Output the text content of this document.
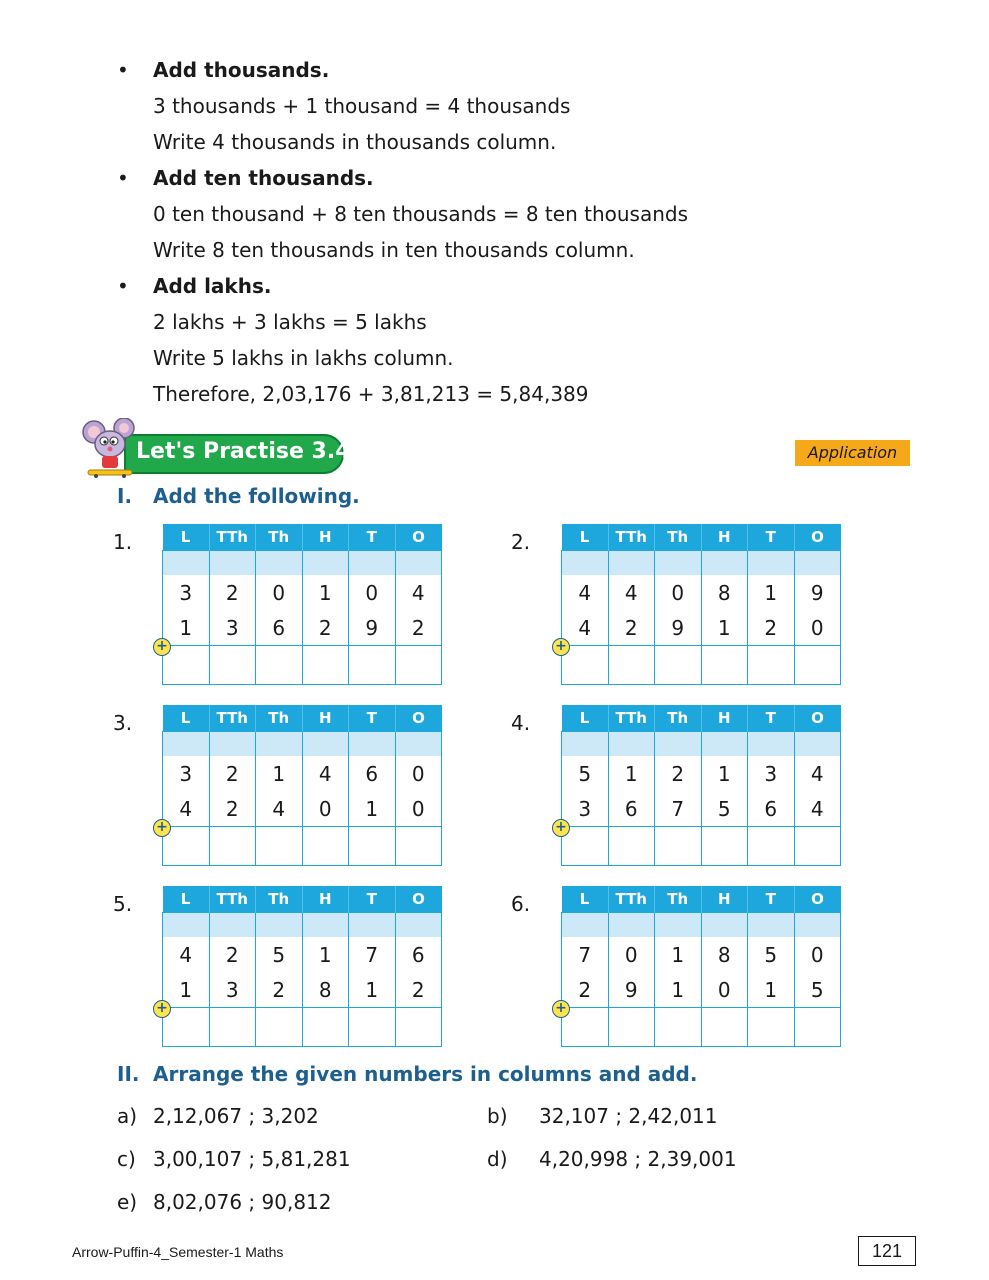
• Add thousands.
3 thousands + 1 thousand = 4 thousands
Write 4 thousands in thousands column.
• Add ten thousands.
0 ten thousand + 8 ten thousands = 8 ten thousands
Write 8 ten thousands in ten thousands column.
• Add lakhs.
2 lakhs + 3 lakhs = 5 lakhs
Write 5 lakhs in lakhs column.
Therefore, 2,03,176 + 3,81,213 = 5,84,389
Let's Practise 3.4	Application
I. Add the following.
1.	L	TTh	Th	H	T	O

3	2	0	1	0	4
1	3	6	2	9	2

+
2.	L	TTh	Th	H	T	O

4	4	0	8	1	9
4	2	9	1	2	0

+
3.	L	TTh	Th	H	T	O

3	2	1	4	6	0
4	2	4	0	1	0

+
4.	L	TTh	Th	H	T	O

5	1	2	1	3	4
3	6	7	5	6	4

+
5.	L	TTh	Th	H	T	O

4	2	5	1	7	6
1	3	2	8	1	2

+
6.	L	TTh	Th	H	T	O

7	0	1	8	5	0
2	9	1	0	1	5

+
II. Arrange the given numbers in columns and add.
a) 2,12,067 ; 3,202	b) 32,107 ; 2,42,011
c) 3,00,107 ; 5,81,281	d) 4,20,998 ; 2,39,001
e) 8,02,076 ; 90,812
Arrow-Puffin-4_Semester-1 Maths	121
